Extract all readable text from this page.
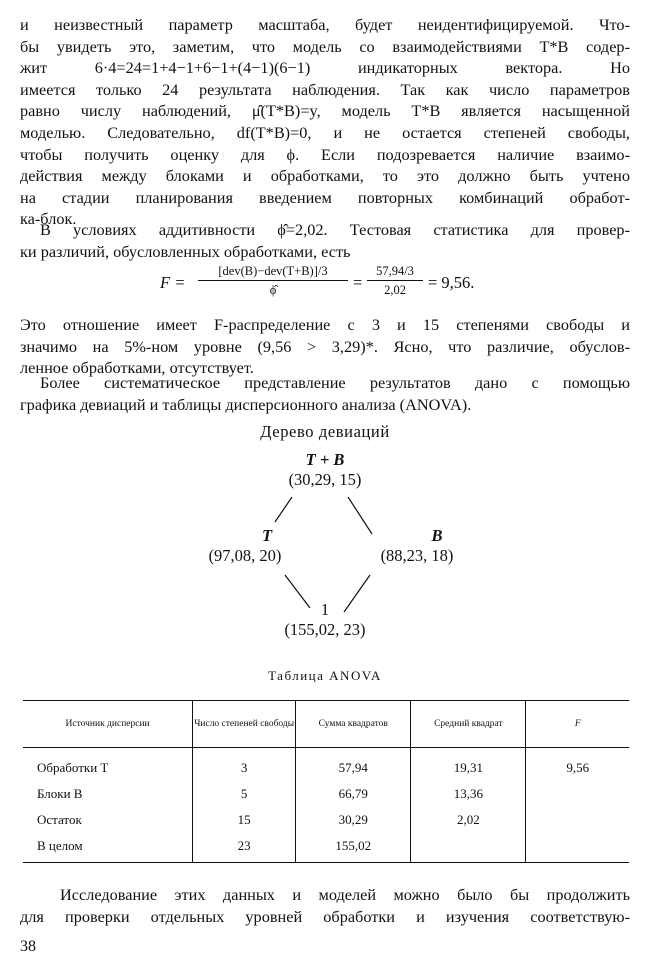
и неизвестный параметр масштаба, будет неидентифицируемой. Что-
бы увидеть это, заметим, что модель со взаимодействиями T*B содер-
жит 6·4=24=1+4−1+6−1+(4−1)(6−1) индикаторных вектора. Но
имеется только 24 результата наблюдения. Так как число параметров
равно числу наблюдений, μ̂(T*B)=y, модель T*B является насыщенной
моделью. Следовательно, df(T*B)=0, и не остается степеней свободы,
чтобы получить оценку для ϕ. Если подозревается наличие взаимо-
действия между блоками и обработками, то это должно быть учтено
на стадии планирования введением повторных комбинаций обработ-
ка-блок.
В условиях аддитивности ϕ̂=2,02. Тестовая статистика для провер-
ки различий, обусловленных обработками, есть
F =
[dev(B)−dev(T+B)]/3
ϕ̂	= $\frac{57,94/3}{2,02} = 9,56$.
Это отношение имеет F-распределение с 3 и 15 степенями свободы и
значимо на 5%-ном уровне (9,56 > 3,29)*. Ясно, что различие, обуслов-
ленное обработками, отсутствует.
Более систематическое представление результатов дано с помощью
графика девиаций и таблицы дисперсионного анализа (ANOVA).
Дерево девиаций
T + B
(30,29, 15)
T
(97,08, 20)
B
(88,23, 18)
1
(155,02, 23)
Таблица ANOVA
Источник дисперсии	Число степеней свободы	Сумма квадратов	Средний квадрат	F
Обработки T	3	57,94	19,31	9,56
Блоки B	5	66,79	13,36	
Остаток	15	30,29	2,02	
В целом	23	155,02		
Исследование этих данных и моделей можно было бы продолжить
для проверки отдельных уровней обработки и изучения соответствую-
38
